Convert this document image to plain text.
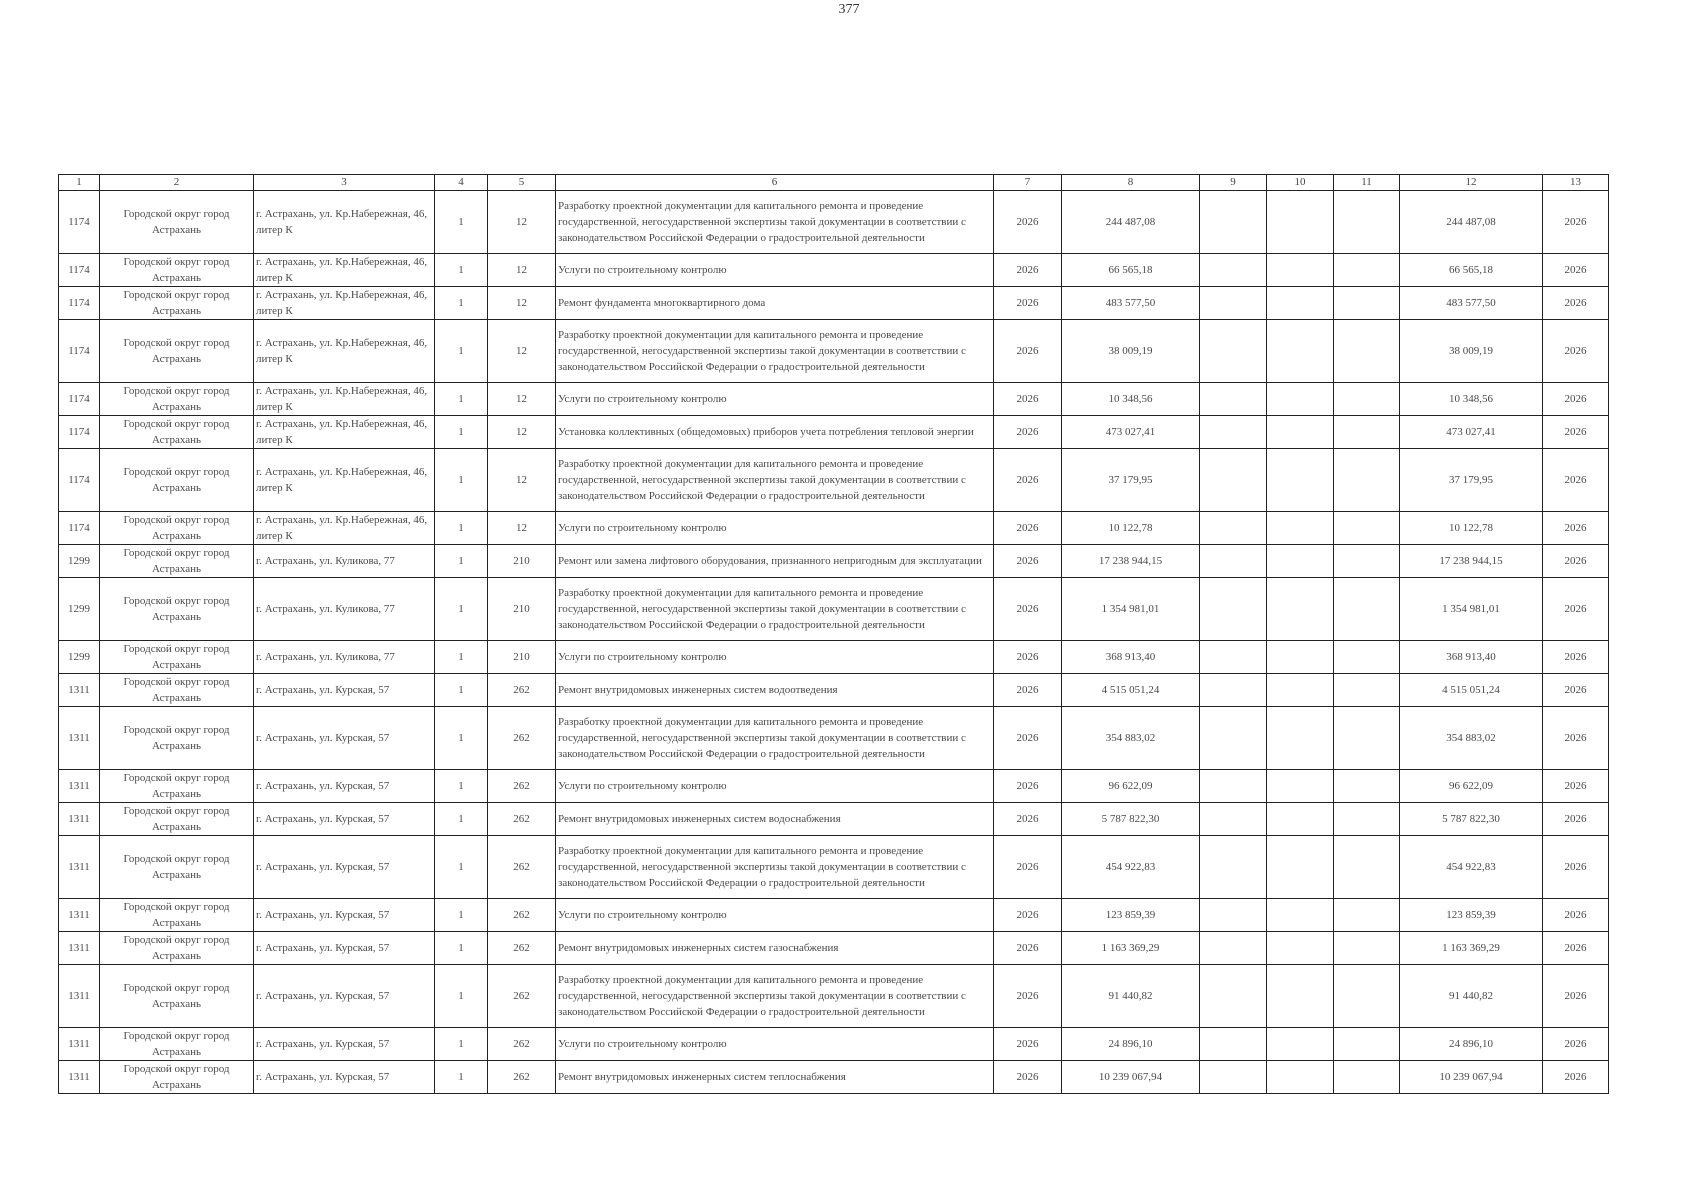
377
1	2	3	4	5	6	7	8	9	10	11	12	13
1174	Городской округ город Астрахань	г. Астрахань, ул. Кр.Набережная, 46, литер К	1	12	Разработку проектной документации для капитального ремонта и проведение государственной, негосударственной экспертизы такой документации в соответствии с законодательством Российской Федерации о градостроительной деятельности	2026	244 487,08				244 487,08	2026
1174	Городской округ город Астрахань	г. Астрахань, ул. Кр.Набережная, 46, литер К	1	12	Услуги по строительному контролю	2026	66 565,18				66 565,18	2026
1174	Городской округ город Астрахань	г. Астрахань, ул. Кр.Набережная, 46, литер К	1	12	Ремонт фундамента многоквартирного дома	2026	483 577,50				483 577,50	2026
1174	Городской округ город Астрахань	г. Астрахань, ул. Кр.Набережная, 46, литер К	1	12	Разработку проектной документации для капитального ремонта и проведение государственной, негосударственной экспертизы такой документации в соответствии с законодательством Российской Федерации о градостроительной деятельности	2026	38 009,19				38 009,19	2026
1174	Городской округ город Астрахань	г. Астрахань, ул. Кр.Набережная, 46, литер К	1	12	Услуги по строительному контролю	2026	10 348,56				10 348,56	2026
1174	Городской округ город Астрахань	г. Астрахань, ул. Кр.Набережная, 46, литер К	1	12	Установка коллективных (общедомовых) приборов учета потребления тепловой энергии	2026	473 027,41				473 027,41	2026
1174	Городской округ город Астрахань	г. Астрахань, ул. Кр.Набережная, 46, литер К	1	12	Разработку проектной документации для капитального ремонта и проведение государственной, негосударственной экспертизы такой документации в соответствии с законодательством Российской Федерации о градостроительной деятельности	2026	37 179,95				37 179,95	2026
1174	Городской округ город Астрахань	г. Астрахань, ул. Кр.Набережная, 46, литер К	1	12	Услуги по строительному контролю	2026	10 122,78				10 122,78	2026
1299	Городской округ город Астрахань	г. Астрахань, ул. Куликова, 77	1	210	Ремонт или замена лифтового оборудования, признанного непригодным для эксплуатации	2026	17 238 944,15				17 238 944,15	2026
1299	Городской округ город Астрахань	г. Астрахань, ул. Куликова, 77	1	210	Разработку проектной документации для капитального ремонта и проведение государственной, негосударственной экспертизы такой документации в соответствии с законодательством Российской Федерации о градостроительной деятельности	2026	1 354 981,01				1 354 981,01	2026
1299	Городской округ город Астрахань	г. Астрахань, ул. Куликова, 77	1	210	Услуги по строительному контролю	2026	368 913,40				368 913,40	2026
1311	Городской округ город Астрахань	г. Астрахань, ул. Курская, 57	1	262	Ремонт внутридомовых инженерных систем водоотведения	2026	4 515 051,24				4 515 051,24	2026
1311	Городской округ город Астрахань	г. Астрахань, ул. Курская, 57	1	262	Разработку проектной документации для капитального ремонта и проведение государственной, негосударственной экспертизы такой документации в соответствии с законодательством Российской Федерации о градостроительной деятельности	2026	354 883,02				354 883,02	2026
1311	Городской округ город Астрахань	г. Астрахань, ул. Курская, 57	1	262	Услуги по строительному контролю	2026	96 622,09				96 622,09	2026
1311	Городской округ город Астрахань	г. Астрахань, ул. Курская, 57	1	262	Ремонт внутридомовых инженерных систем водоснабжения	2026	5 787 822,30				5 787 822,30	2026
1311	Городской округ город Астрахань	г. Астрахань, ул. Курская, 57	1	262	Разработку проектной документации для капитального ремонта и проведение государственной, негосударственной экспертизы такой документации в соответствии с законодательством Российской Федерации о градостроительной деятельности	2026	454 922,83				454 922,83	2026
1311	Городской округ город Астрахань	г. Астрахань, ул. Курская, 57	1	262	Услуги по строительному контролю	2026	123 859,39				123 859,39	2026
1311	Городской округ город Астрахань	г. Астрахань, ул. Курская, 57	1	262	Ремонт внутридомовых инженерных систем газоснабжения	2026	1 163 369,29				1 163 369,29	2026
1311	Городской округ город Астрахань	г. Астрахань, ул. Курская, 57	1	262	Разработку проектной документации для капитального ремонта и проведение государственной, негосударственной экспертизы такой документации в соответствии с законодательством Российской Федерации о градостроительной деятельности	2026	91 440,82				91 440,82	2026
1311	Городской округ город Астрахань	г. Астрахань, ул. Курская, 57	1	262	Услуги по строительному контролю	2026	24 896,10				24 896,10	2026
1311	Городской округ город Астрахань	г. Астрахань, ул. Курская, 57	1	262	Ремонт внутридомовых инженерных систем теплоснабжения	2026	10 239 067,94				10 239 067,94	2026
